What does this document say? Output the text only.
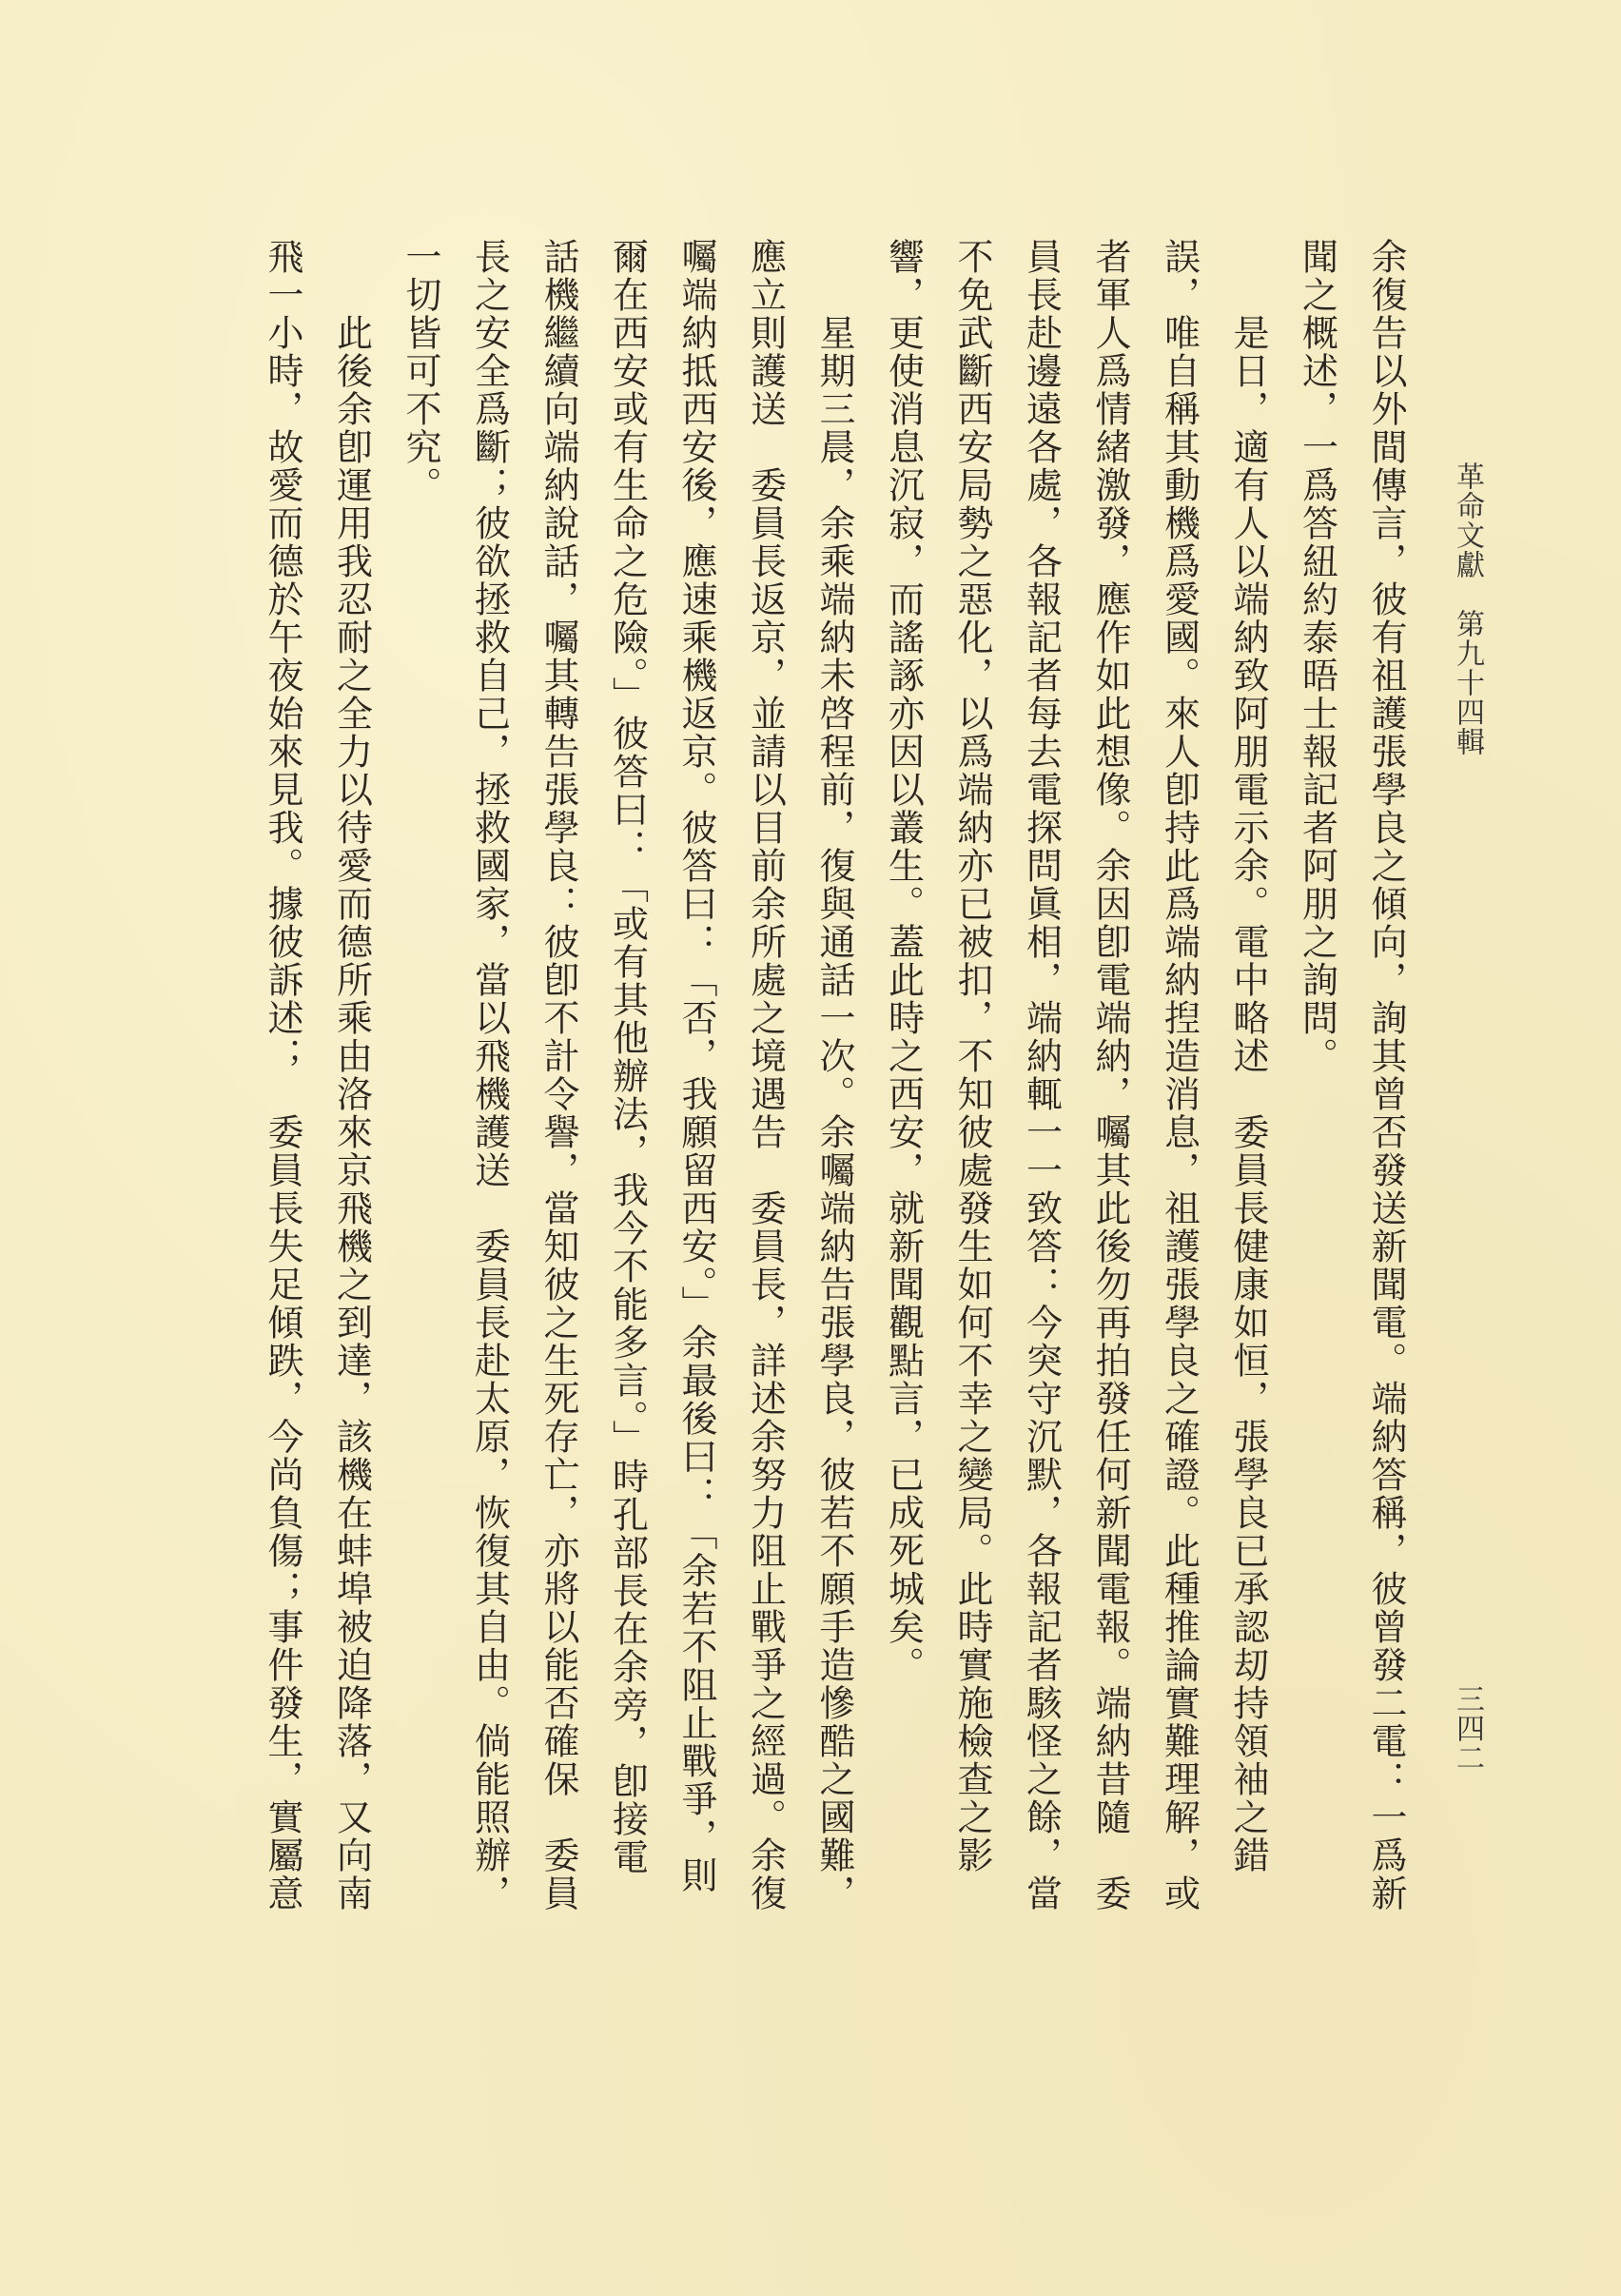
革命文獻　第九十四輯
三四二
余復告以外間傳言，彼有祖護張學良之傾向，詢其曾否發送新聞電。端納答稱，彼曾發二電：一爲新
聞之概述，一爲答紐約泰晤士報記者阿朋之詢問。
是日，適有人以端納致阿朋電示余。電中略述　委員長健康如恒，張學良已承認刧持領袖之錯
誤，唯自稱其動機爲愛國。來人卽持此爲端納揑造消息，祖護張學良之確證。此種推論實難理解，或
者軍人爲情緒激發，應作如此想像。余因卽電端納，囑其此後勿再拍發任何新聞電報。端納昔隨　委
員長赴邊遠各處，各報記者每去電探問眞相，端納輒一一致答：今突守沉默，各報記者駭怪之餘，當
不免武斷西安局勢之惡化，以爲端納亦已被扣，不知彼處發生如何不幸之變局。此時實施檢查之影
響，更使消息沉寂，而謠諑亦因以叢生。蓋此時之西安，就新聞觀點言，已成死城矣。
星期三晨，余乘端納未啓程前，復與通話一次。余囑端納告張學良，彼若不願手造慘酷之國難，
應立則護送　委員長返京，並請以目前余所處之境遇告　委員長，詳述余努力阻止戰爭之經過。余復
囑端納抵西安後，應速乘機返京。彼答曰：「否，我願留西安。」余最後曰：「余若不阻止戰爭，則
爾在西安或有生命之危險。」彼答曰：「或有其他辦法，我今不能多言。」時孔部長在余旁，卽接電
話機繼續向端納說話，囑其轉告張學良：彼卽不計令譽，當知彼之生死存亡，亦將以能否確保　委員
長之安全爲斷；彼欲拯救自己，拯救國家，當以飛機護送　委員長赴太原，恢復其自由。倘能照辦，
一切皆可不究。
此後余卽運用我忍耐之全力以待愛而德所乘由洛來京飛機之到達，該機在蚌埠被迫降落，又向南
飛一小時，故愛而德於午夜始來見我。據彼訴述；　委員長失足傾跌，今尚負傷；事件發生，實屬意
